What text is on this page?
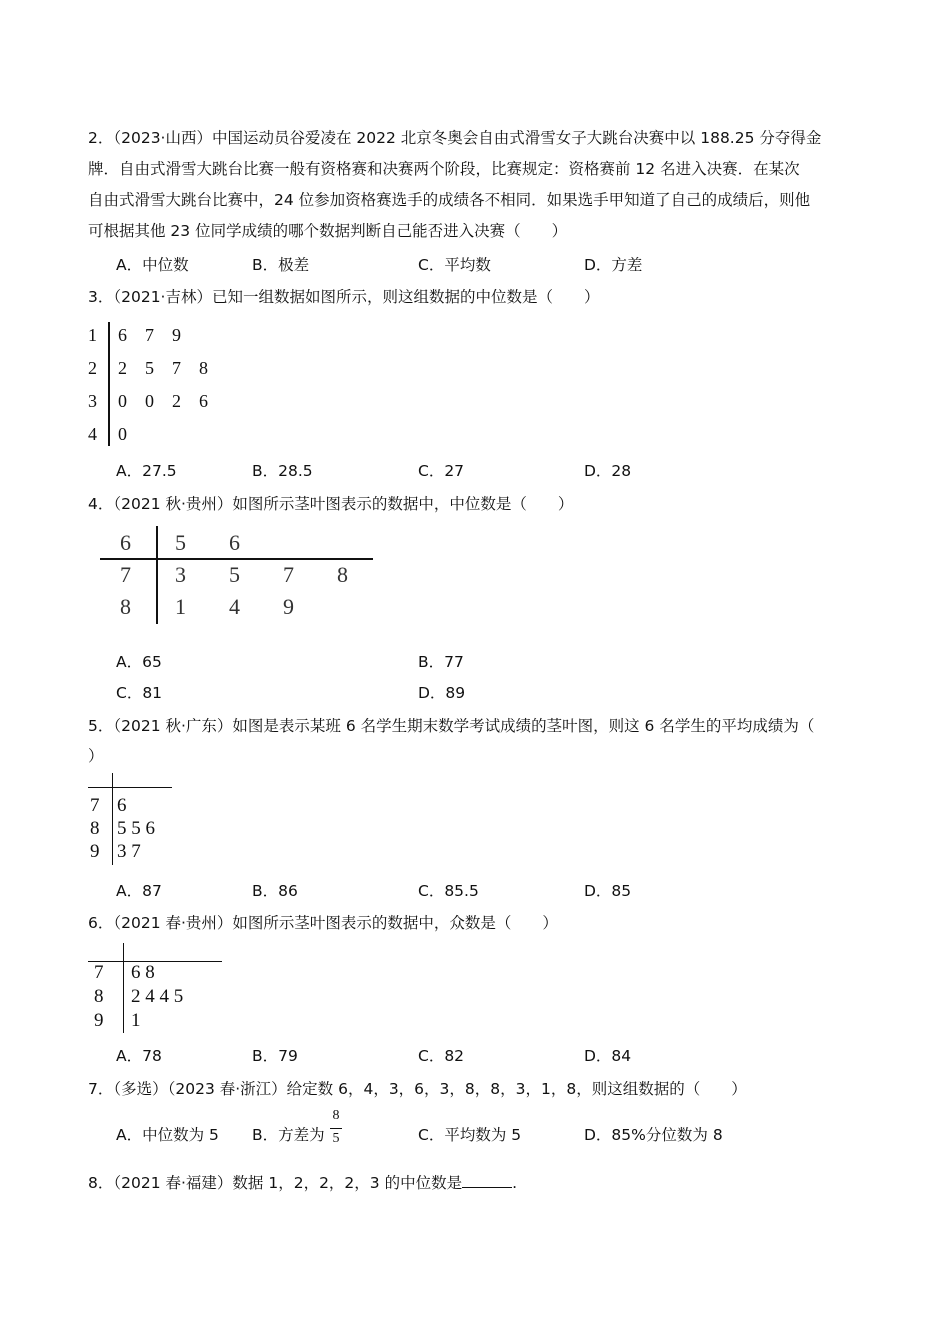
2．（2023·山西）中国运动员谷爱凌在 2022 北京冬奥会自由式滑雪女子大跳台决赛中以 188.25 分夺得金
牌．自由式滑雪大跳台比赛一般有资格赛和决赛两个阶段，比赛规定：资格赛前 12 名进入决赛．在某次
自由式滑雪大跳台比赛中，24 位参加资格赛选手的成绩各不相同．如果选手甲知道了自己的成绩后，则他
可根据其他 23 位同学成绩的哪个数据判断自己能否进入决赛（　　）
A．中位数	B．极差	C．平均数	D．方差
3．（2021·吉林）已知一组数据如图所示，则这组数据的中位数是（　　）
1 6 7 9
2 2 5 7 8
3 0 0 2 6
4 0
A．27.5	B．28.5	C．27	D．28
4．（2021 秋·贵州）如图所示茎叶图表示的数据中，中位数是（　　）
6 5 6
7 3 5 7 8
8 1 4 9
A．65	B．77
C．81	D．89
5．（2021 秋·广东）如图是表示某班 6 名学生期末数学考试成绩的茎叶图，则这 6 名学生的平均成绩为（
）
7 6
8 5 5 6
9 3 7
A．87	B．86	C．85.5	D．85
6．（2021 春·贵州）如图所示茎叶图表示的数据中，众数是（　　）
7 6 8
8 2 4 4 5
9 1
A．78	B．79	C．82	D．84
7．（多选）（2023 春·浙江）给定数 6，4，3，6，3，8，8，3，1，8，则这组数据的（　　）
A．中位数为 5 B．方差为
8
5	C．平均数为 5	D．85%分位数为 8
8．（2021 春·福建）数据 1，2，2，2，3 的中位数是	.
